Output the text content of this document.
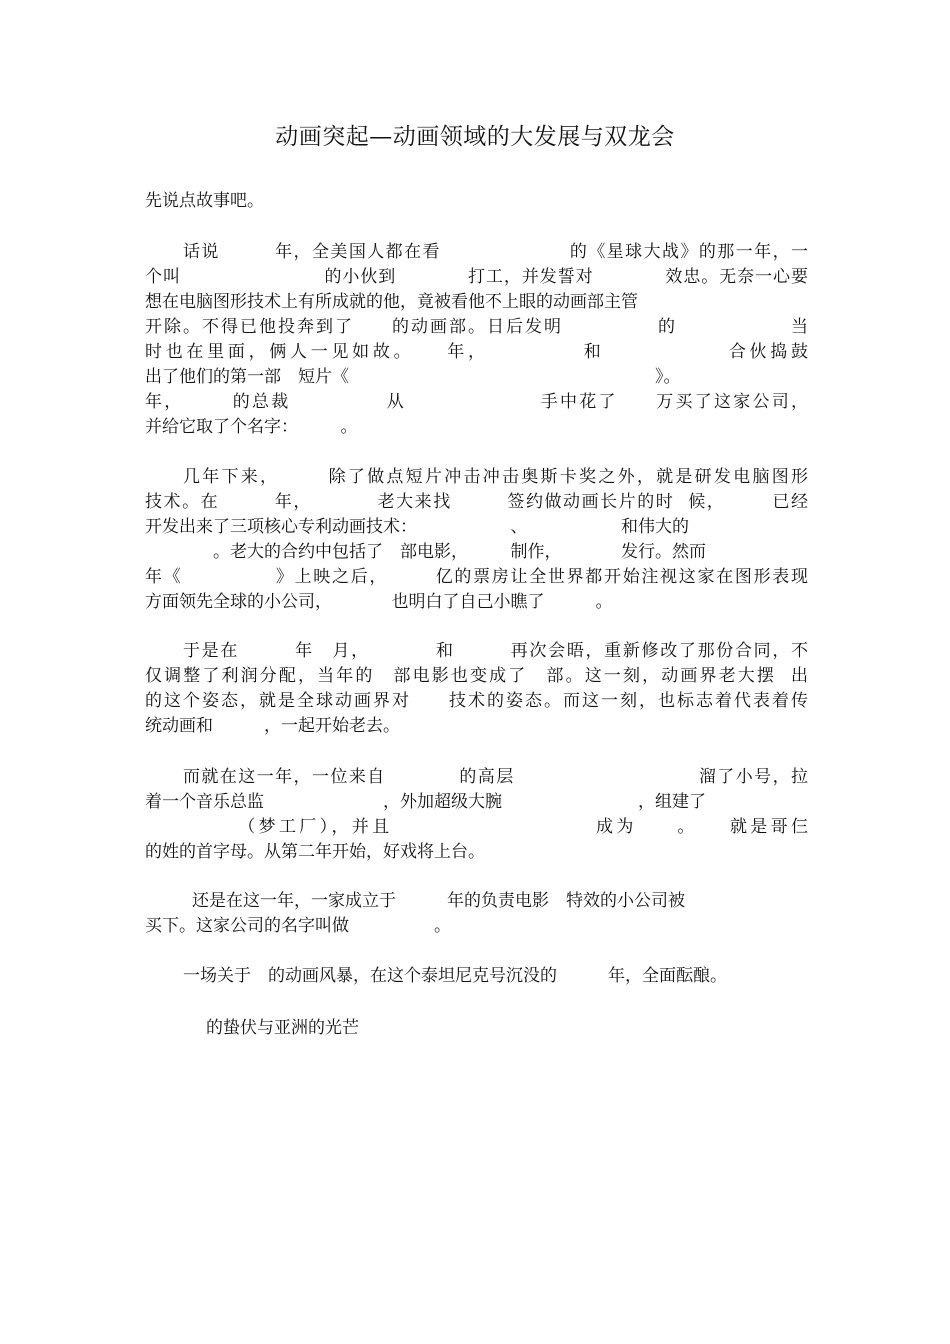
动画突起—动画领域的大发展与双龙会
先说点故事吧。
话说　　　年，全美国人都在看　　　　　　　的《星球大战》的那一年，一
个叫　　　　　　　　的小伙到　　　　打工，并发誓对　　　　效忠。无奈一心要
想在电脑图形技术上有所成就的他，竟被看他不上眼的动画部主管
开除。不得已他投奔到了　　的动画部。日后发明　　　　　的　　　　　　当
时也在里面，俩人一见如故。　　年，　　　　　和　　　　　　合伙捣鼓
出了他们的第一部　短片《　　　　　　　　　　　　　　　　　　》。
年，　　　的总裁　　　　　从　　　　　　　手中花了　　万买了这家公司，
并给它取了个名字：　　　。
几年下来，　　　除了做点短片冲击冲击奥斯卡奖之外，就是研发电脑图形
技术。在　　　年，　　　　老大来找　　　签约做动画长片的时  候，　　　已经
开发出来了三项核心专利动画技术：　　　　　　、　　　　　　和伟大的
　　　　。老大的合约中包括了　部电影，　　　制作，　　　　发行。然而
年《　　　　　》上映之后，　　　亿的票房让全世界都开始注视这家在图形表现
方面领先全球的小公司，　　　　也明白了自己小瞧了　　　。
于是在　　　年　月，　　　　和　　　再次会晤，重新修改了那份合同，不
仅调整了利润分配，当年的　部电影也变成了　部。这一刻，动画界老大摆  出
的这个姿态，就是全球动画界对　　技术的姿态。而这一刻，也标志着代表着传
统动画和　　　，一起开始老去。
而就在这一年，一位来自　　　　的高层　　　　　　　　　　溜了小号，拉
着一个音乐总监　　　　　　　，外加超级大腕　　　　　　　　，组建了
　　　　　（梦工厂），并且　　　　　　　　　　成为　　。　　就是哥仨
的姓的首字母。从第二年开始，好戏将上台。
还是在这一年，一家成立于　　　年的负责电影　特效的小公司被
买下。这家公司的名字叫做　　　　　。
一场关于　的动画风暴，在这个泰坦尼克号沉没的　　　年，全面酝酿。
的蛰伏与亚洲的光芒
